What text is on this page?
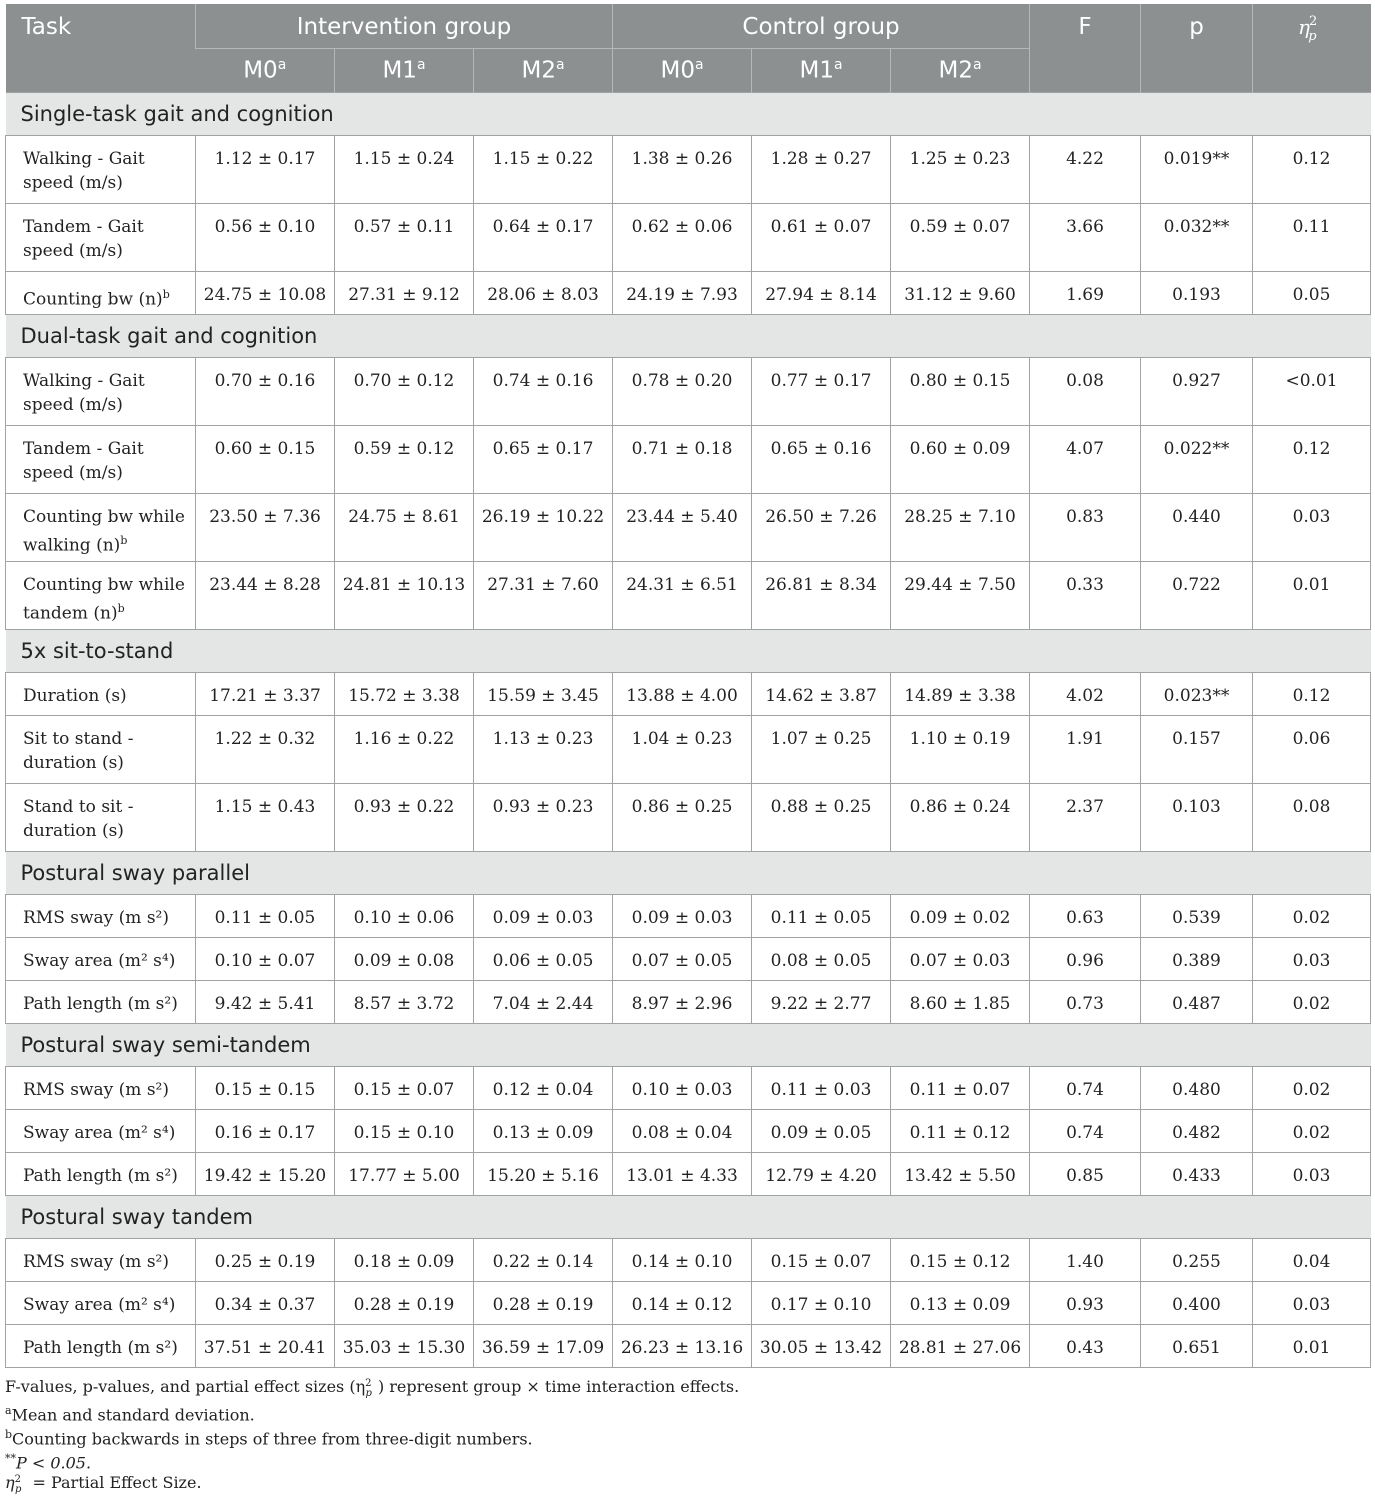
Task	Intervention group			Control group			F	p	$\eta^2_p$
	M0$^a$	M1$^a$	M2$^a$	M0$^a$	M1$^a$	M2$^a$
Single-task gait and cognition									
Walking - Gait speed (m/s)	1.12 ± 0.17	1.15 ± 0.24	1.15 ± 0.22	1.38 ± 0.26	1.28 ± 0.27	1.25 ± 0.23	4.22	0.019**	0.12
Tandem - Gait speed (m/s)	0.56 ± 0.10	0.57 ± 0.11	0.64 ± 0.17	0.62 ± 0.06	0.61 ± 0.07	0.59 ± 0.07	3.66	0.032**	0.11
Counting bw $(n)^b$	24.75 ± 10.08	27.31 ± 9.12	28.06 ± 8.03	24.19 ± 7.93	27.94 ± 8.14	31.12 ± 9.60	1.69	0.193	0.05
Dual-task gait and cognition									
Walking - Gait speed (m/s)	0.70 ± 0.16	0.70 ± 0.12	0.74 ± 0.16	0.78 ± 0.20	0.77 ± 0.17	0.80 ± 0.15	0.08	0.927	<0.01
Tandem - Gait speed (m/s)	0.60 ± 0.15	0.59 ± 0.12	0.65 ± 0.17	0.71 ± 0.18	0.65 ± 0.16	0.60 ± 0.09	4.07	0.022**	0.12
Counting bw while walking $(n)^b$	23.50 ± 7.36	24.75 ± 8.61	26.19 ± 10.22	23.44 ± 5.40	26.50 ± 7.26	28.25 ± 7.10	0.83	0.440	0.03
Counting bw while tandem $(n)^b$	23.44 ± 8.28	24.81 ± 10.13	27.31 ± 7.60	24.31 ± 6.51	26.81 ± 8.34	29.44 ± 7.50	0.33	0.722	0.01
5x sit-to-stand									
Duration (s)	17.21 ± 3.37	15.72 ± 3.38	15.59 ± 3.45	13.88 ± 4.00	14.62 ± 3.87	14.89 ± 3.38	4.02	0.023**	0.12
Sit to stand - duration (s)	1.22 ± 0.32	1.16 ± 0.22	1.13 ± 0.23	1.04 ± 0.23	1.07 ± 0.25	1.10 ± 0.19	1.91	0.157	0.06
Stand to sit - duration (s)	1.15 ± 0.43	0.93 ± 0.22	0.93 ± 0.23	0.86 ± 0.25	0.88 ± 0.25	0.86 ± 0.24	2.37	0.103	0.08
Postural sway parallel									
RMS sway (m s²)	0.11 ± 0.05	0.10 ± 0.06	0.09 ± 0.03	0.09 ± 0.03	0.11 ± 0.05	0.09 ± 0.02	0.63	0.539	0.02
Sway area (m² s⁴)	0.10 ± 0.07	0.09 ± 0.08	0.06 ± 0.05	0.07 ± 0.05	0.08 ± 0.05	0.07 ± 0.03	0.96	0.389	0.03
Path length (m s²)	9.42 ± 5.41	8.57 ± 3.72	7.04 ± 2.44	8.97 ± 2.96	9.22 ± 2.77	8.60 ± 1.85	0.73	0.487	0.02
Postural sway semi-tandem									
RMS sway (m s²)	0.15 ± 0.15	0.15 ± 0.07	0.12 ± 0.04	0.10 ± 0.03	0.11 ± 0.03	0.11 ± 0.07	0.74	0.480	0.02
Sway area (m² s⁴)	0.16 ± 0.17	0.15 ± 0.10	0.13 ± 0.09	0.08 ± 0.04	0.09 ± 0.05	0.11 ± 0.12	0.74	0.482	0.02
Path length (m s²)	19.42 ± 15.20	17.77 ± 5.00	15.20 ± 5.16	13.01 ± 4.33	12.79 ± 4.20	13.42 ± 5.50	0.85	0.433	0.03
Postural sway tandem									
RMS sway (m s²)	0.25 ± 0.19	0.18 ± 0.09	0.22 ± 0.14	0.14 ± 0.10	0.15 ± 0.07	0.15 ± 0.12	1.40	0.255	0.04
Sway area (m² s⁴)	0.34 ± 0.37	0.28 ± 0.19	0.28 ± 0.19	0.14 ± 0.12	0.17 ± 0.10	0.13 ± 0.09	0.93	0.400	0.03
Path length (m s²)	37.51 ± 20.41	35.03 ± 15.30	36.59 ± 17.09	26.23 ± 13.16	30.05 ± 13.42	28.81 ± 27.06	0.43	0.651	0.01
F-values, p-values, and partial effect sizes ($\eta^2_p$ ) represent group × time interaction effects.
$^a$Mean and standard deviation.
$^b$Counting backwards in steps of three from three-digit numbers.
**P < 0.05.
$\eta^2_p$ = Partial Effect Size.
